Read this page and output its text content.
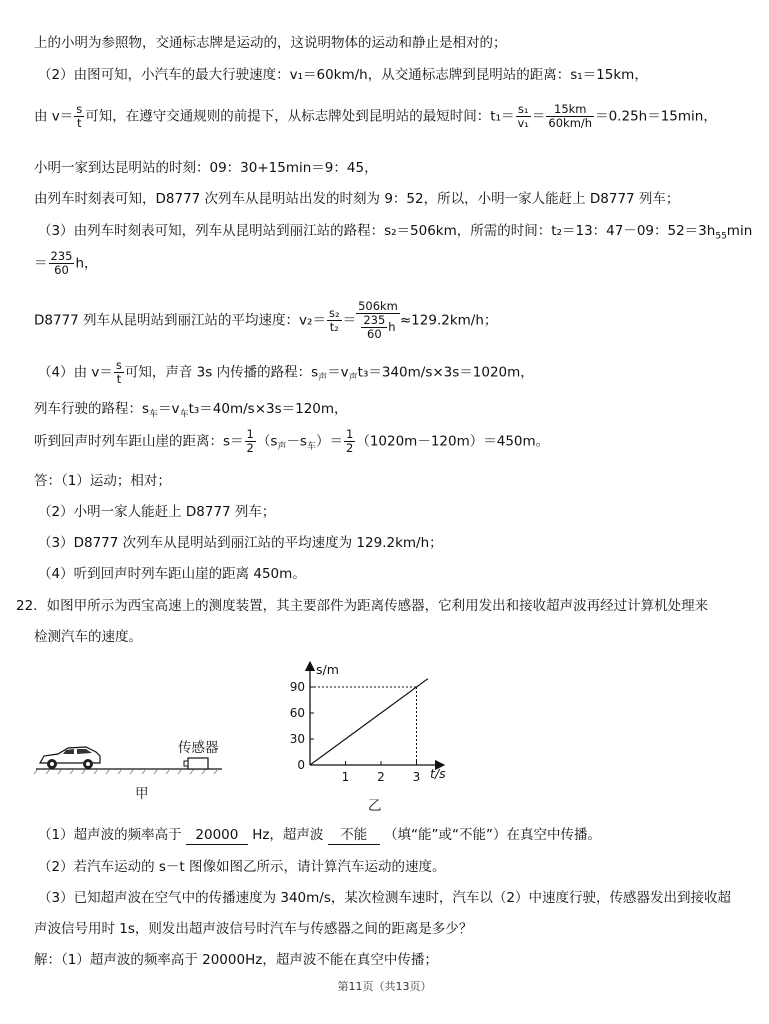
上的小明为参照物，交通标志牌是运动的，这说明物体的运动和静止是相对的；
（2）由图可知，小汽车的最大行驶速度：v₁＝60km/h，从交通标志牌到昆明站的距离：s₁＝15km，
由 $v= \frac{s}{t}$ 可知，在遵守交通规则的前提下，从标志牌处到昆明站的最短时间：$t_1= \frac{\text{s₁}}{\text{v₁}} = \frac{15km}{60km/h} =0.25h=15\min$，
小明一家到达昆明站的时刻：09：30+15min＝9：45，
由列车时刻表可知，D8777 次列车从昆明站出发的时刻为 9：52，所以，小明一家人能赶上 D8777 列车；
（3）由列车时刻表可知，列车从昆明站到丽江站的路程：s₂＝506km，所需的时间：t₂＝13：47－09：$52=3h_{55}\min$
＝ $\frac{235}{60}$ h，
D8777 列车从昆明站到丽江站的平均速度：$v_2= \frac{\text{s₂}}{\text{t₂}} = \frac{506km}{\frac{235}{60} h} \approx 129.2km/h$；
（4）由 $v= \frac{s}{t}$ 可知，声音 3s 内传播的路程：$s_声=v_声t_3=340m/s\times 3s=1020m$，
列车行驶的路程：$s_车=v_车t_3=40m/s\times 3s=120m$，
听到回声时列车距山崖的距离：$s= \frac{1}{2} (s_声-s_车)= \frac{1}{2} (1020m-120m)=450m$。
答：（1）运动；相对；
（2）小明一家人能赶上 D8777 列车；
（3）D8777 次列车从昆明站到丽江站的平均速度为 129.2km/h；
（4）听到回声时列车距山崖的距离 450m。
22．如图甲所示为西宝高速上的测度装置，其主要部件为距离传感器，它利用发出和接收超声波再经过计算机处理来
检测汽车的速度。
传感器
甲
0
30
60
90
1 2 3
s/m
t/s
乙
（1）超声波的频率高于 20000 Hz，超声波 不能 （填“能”或“不能”）在真空中传播。
（2）若汽车运动的 s－t 图像如图乙所示，请计算汽车运动的速度。
（3）已知超声波在空气中的传播速度为 340m/s，某次检测车速时，汽车以（2）中速度行驶，传感器发出到接收超
声波信号用时 1s，则发出超声波信号时汽车与传感器之间的距离是多少？
解：（1）超声波的频率高于 20000Hz，超声波不能在真空中传播；
第11页（共13页）
